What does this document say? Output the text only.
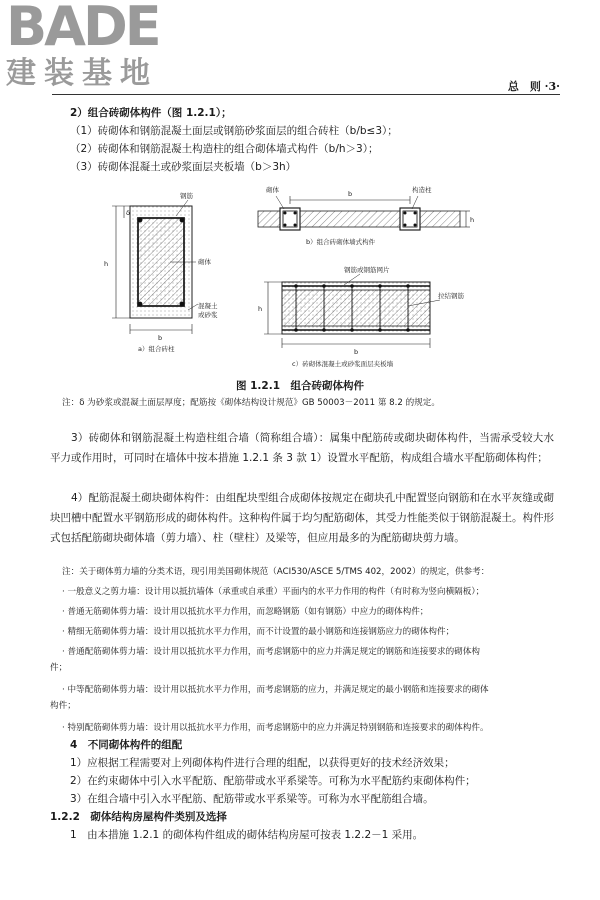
BADE
建装基地	总　则 ·3·
2）组合砖砌体构件（图 1.2.1）；
（1）砖砌体和钢筋混凝土面层或钢筋砂浆面层的组合砖柱（b/b≤3）；
（2）砖砌体和钢筋混凝土构造柱的组合砌体墙式构件（b/h＞3）；
（3）砖砌体混凝土或砂浆面层夹板墙（b＞3h）
钢筋
砌体
混凝土
或砂浆
δ
h
b
a）组合砖柱
砌体	构造柱
b
h
b）组合砖砌体墙式构件
钢筋或钢筋网片
拉结钢筋
b
h
c）砖砌体混凝土或砂浆面层夹板墙
图 1.2.1　组合砖砌体构件
注：δ 为砂浆或混凝土面层厚度；配筋按《砌体结构设计规范》GB 50003－2011 第 8.2 的规定。

3）砖砌体和钢筋混凝土构造柱组合墙（简称组合墙）：属集中配筋砖或砌块砌体构件，当需承受较大水平力或作用时，可同时在墙体中按本措施 1.2.1 条 3 款 1）设置水平配筋，构成组合墙水平配筋砌体构件；

4）配筋混凝土砌块砌体构件：由组配块型组合成砌体按规定在砌块孔中配置竖向钢筋和在水平灰缝或砌块凹槽中配置水平钢筋形成的砌体构件。这种构件属于均匀配筋砌体，其受力性能类似于钢筋混凝土。构件形式包括配筋砌块砌体墙（剪力墙）、柱（壁柱）及梁等，但应用最多的为配筋砌块剪力墙。

注：关于砌体剪力墙的分类术语，现引用美国砌体规范（ACI530/ASCE 5/TMS 402，2002）的规定，供参考：
· 一般意义之剪力墙：设计用以抵抗墙体（承重或自承重）平面内的水平力作用的构件（有时称为竖向横隔板）；
· 普通无筋砌体剪力墙：设计用以抵抗水平力作用，而忽略钢筋（如有钢筋）中应力的砌体构件；
· 精细无筋砌体剪力墙：设计用以抵抗水平力作用，而不计设置的最小钢筋和连接钢筋应力的砌体构件；
· 普通配筋砌体剪力墙：设计用以抵抗水平力作用，而考虑钢筋中的应力并满足规定的钢筋和连接要求的砌体构
件；
· 中等配筋砌体剪力墙：设计用以抵抗水平力作用，而考虑钢筋的应力，并满足规定的最小钢筋和连接要求的砌体
构件；
· 特别配筋砌体剪力墙：设计用以抵抗水平力作用，而考虑钢筋中的应力并满足特别钢筋和连接要求的砌体构件。
4　不同砌体构件的组配
1）应根据工程需要对上列砌体构件进行合理的组配，以获得更好的技术经济效果；
2）在约束砌体中引入水平配筋、配筋带或水平系梁等。可称为水平配筋约束砌体构件；
3）在组合墙中引入水平配筋、配筋带或水平系梁等。可称为水平配筋组合墙。
1.2.2　砌体结构房屋构件类别及选择
1　由本措施 1.2.1 的砌体构件组成的砌体结构房屋可按表 1.2.2－1 采用。
